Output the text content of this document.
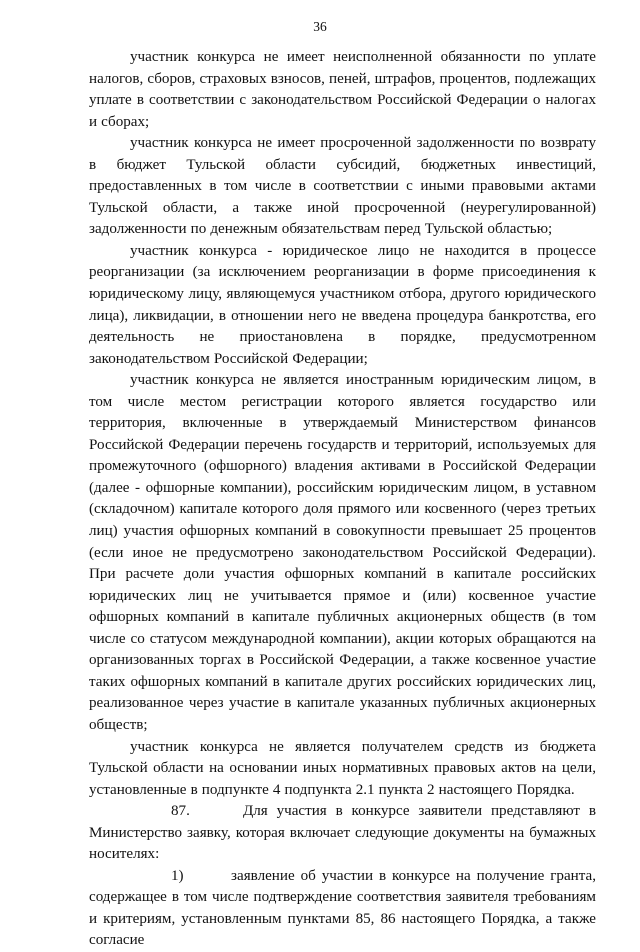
36

участник конкурса не имеет неисполненной обязанности по уплате налогов, сборов, страховых взносов, пеней, штрафов, процентов, подлежащих уплате в соответствии с законодательством Российской Федерации о налогах и сборах;

участник конкурса не имеет просроченной задолженности по возврату в бюджет Тульской области субсидий, бюджетных инвестиций, предоставленных в том числе в соответствии с иными правовыми актами Тульской области, а также иной просроченной (неурегулированной) задолженности по денежным обязательствам перед Тульской областью;

участник конкурса - юридическое лицо не находится в процессе реорганизации (за исключением реорганизации в форме присоединения к юридическому лицу, являющемуся участником отбора, другого юридического лица), ликвидации, в отношении него не введена процедура банкротства, его деятельность не приостановлена в порядке, предусмотренном законодательством Российской Федерации;

участник конкурса не является иностранным юридическим лицом, в том числе местом регистрации которого является государство или территория, включенные в утверждаемый Министерством финансов Российской Федерации перечень государств и территорий, используемых для промежуточного (офшорного) владения активами в Российской Федерации (далее - офшорные компании), российским юридическим лицом, в уставном (складочном) капитале которого доля прямого или косвенного (через третьих лиц) участия офшорных компаний в совокупности превышает 25 процентов (если иное не предусмотрено законодательством Российской Федерации). При расчете доли участия офшорных компаний в капитале российских юридических лиц не учитывается прямое и (или) косвенное участие офшорных компаний в капитале публичных акционерных обществ (в том числе со статусом международной компании), акции которых обращаются на организованных торгах в Российской Федерации, а также косвенное участие таких офшорных компаний в капитале других российских юридических лиц, реализованное через участие в капитале указанных публичных акционерных обществ;

участник конкурса не является получателем средств из бюджета Тульской области на основании иных нормативных правовых актов на цели, установленные в подпункте 4 подпункта 2.1 пункта 2 настоящего Порядка.

87.	Для участия в конкурсе заявители представляют в Министерство заявку, которая включает следующие документы на бумажных носителях:

1)	заявление об участии в конкурсе на получение гранта, содержащее в том числе подтверждение соответствия заявителя требованиям и критериям, установленным пунктами 85, 86 настоящего Порядка, а также согласие
